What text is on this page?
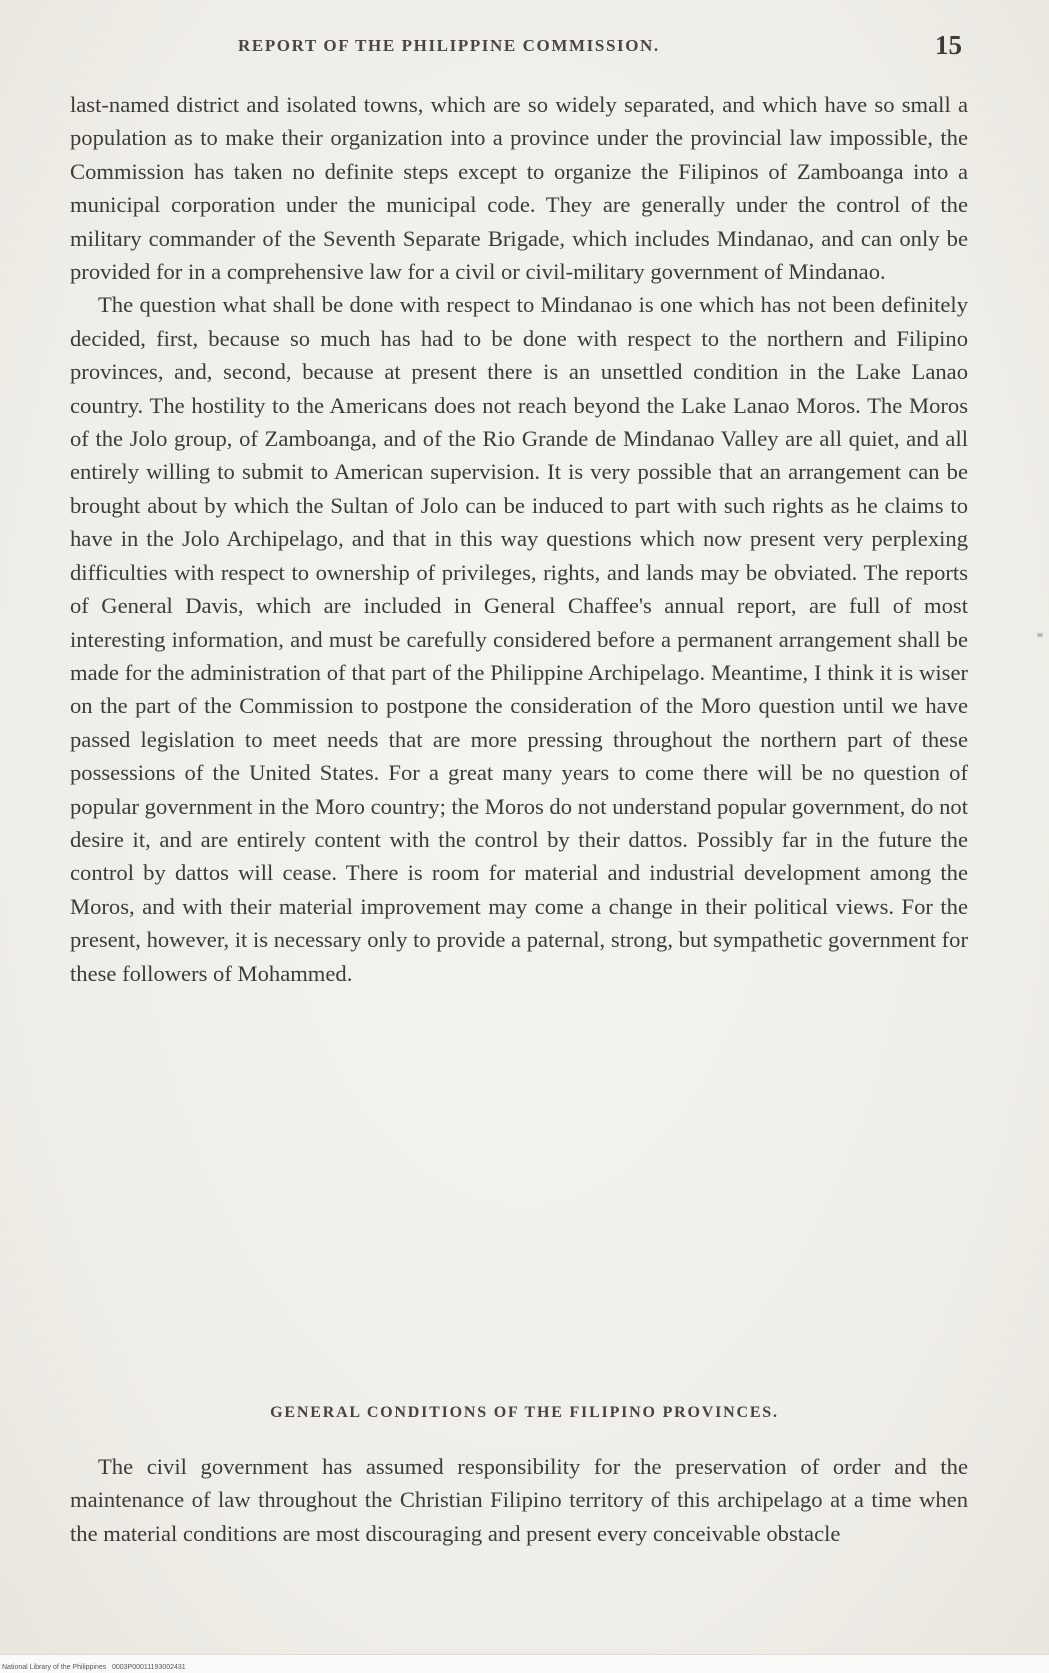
REPORT OF THE PHILIPPINE COMMISSION.	15

last-named district and isolated towns, which are so widely separated, and which have so small a population as to make their organization into a province under the provincial law impossible, the Commission has taken no definite steps except to organize the Filipinos of Zamboanga into a municipal corporation under the municipal code. They are generally under the control of the military commander of the Seventh Separate Brigade, which includes Mindanao, and can only be provided for in a comprehensive law for a civil or civil-military government of Mindanao.

The question what shall be done with respect to Mindanao is one which has not been definitely decided, first, because so much has had to be done with respect to the northern and Filipino provinces, and, second, because at present there is an unsettled condition in the Lake Lanao country. The hostility to the Americans does not reach beyond the Lake Lanao Moros. The Moros of the Jolo group, of Zamboanga, and of the Rio Grande de Mindanao Valley are all quiet, and all entirely willing to submit to American supervision. It is very possible that an arrangement can be brought about by which the Sultan of Jolo can be induced to part with such rights as he claims to have in the Jolo Archipelago, and that in this way questions which now present very perplexing difficulties with respect to ownership of privileges, rights, and lands may be obviated. The reports of General Davis, which are included in General Chaffee's annual report, are full of most interesting information, and must be carefully considered before a permanent arrangement shall be made for the administration of that part of the Philippine Archipelago. Meantime, I think it is wiser on the part of the Commission to postpone the consideration of the Moro question until we have passed legislation to meet needs that are more pressing throughout the northern part of these possessions of the United States. For a great many years to come there will be no question of popular government in the Moro country; the Moros do not understand popular government, do not desire it, and are entirely content with the control by their dattos. Possibly far in the future the control by dattos will cease. There is room for material and industrial development among the Moros, and with their material improvement may come a change in their political views. For the present, however, it is necessary only to provide a paternal, strong, but sympathetic government for these followers of Mohammed.

GENERAL CONDITIONS OF THE FILIPINO PROVINCES.

The civil government has assumed responsibility for the preservation of order and the maintenance of law throughout the Christian Filipino territory of this archipelago at a time when the material conditions are most discouraging and present every conceivable obstacle

National Library of the Philippines 0003P00011193002431
